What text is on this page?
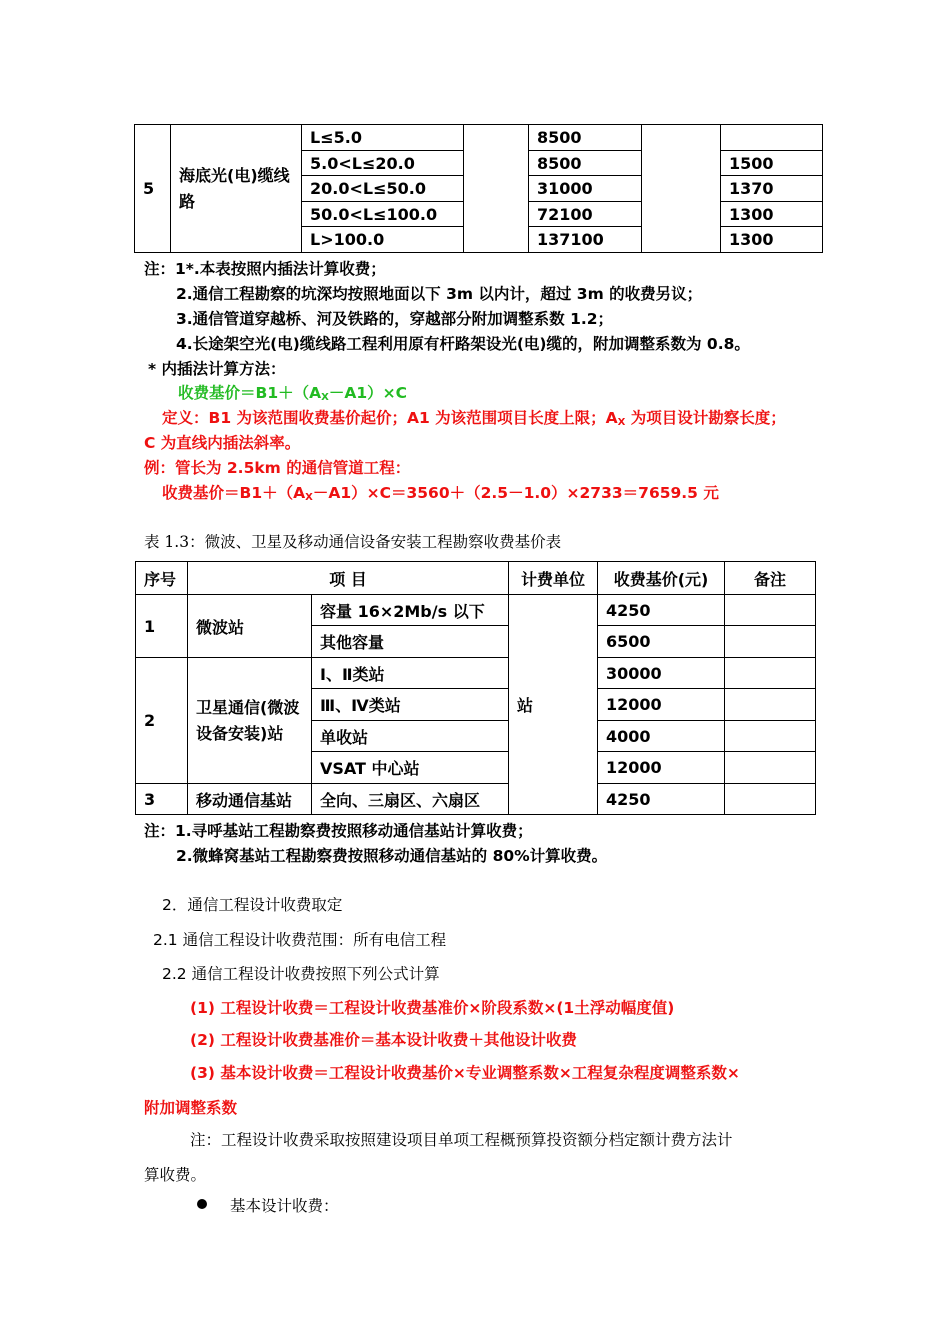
5	海底光(电)缆线路	L≤5.0		8500		
		5.0<L≤20.0		8500		1500
		20.0<L≤50.0		31000		1370
		50.0<L≤100.0		72100		1300
		L>100.0		137100		1300
注：1*.本表按照内插法计算收费；
2.通信工程勘察的坑深均按照地面以下 3m 以内计，超过 3m 的收费另议；
3.通信管道穿越桥、河及铁路的，穿越部分附加调整系数 1.2；
4.长途架空光(电)缆线路工程利用原有杆路架设光(电)缆的，附加调整系数为 0.8。
* 内插法计算方法：
收费基价$=B1+(A_X-A1)\times C$
定义：B1 为该范围收费基价起价；A1 为该范围项目长度上限；$A_X$ 为项目设计勘察长度；
C 为直线内插法斜率。
例：管长为 2.5km 的通信管道工程：
收费基价$=B1+(A_X-A1)\times C=3560+(2.5-1.0)\times 2733=7659.5$ 元
表 1.3：微波、卫星及移动通信设备安装工程勘察收费基价表
序号	项 目		计费单位	收费基价(元)	备注
1	微波站	容量 16×2Mb/s 以下	站	4250	
		其他容量		6500	
2	卫星通信(微波设备安装)站	Ⅰ、Ⅱ类站		30000	
		Ⅲ、Ⅳ类站		12000	
		单收站		4000	
		VSAT 中心站		12000	
3	移动通信基站	全向、三扇区、六扇区		4250	
注：1.寻呼基站工程勘察费按照移动通信基站计算收费；
2.微蜂窝基站工程勘察费按照移动通信基站的 80%计算收费。
2．通信工程设计收费取定
2.1 通信工程设计收费范围：所有电信工程
2.2 通信工程设计收费按照下列公式计算
(1) 工程设计收费＝工程设计收费基准价×阶段系数×(1土浮动幅度值)
(2) 工程设计收费基准价＝基本设计收费＋其他设计收费
(3) 基本设计收费＝工程设计收费基价×专业调整系数×工程复杂程度调整系数×
附加调整系数
注：工程设计收费采取按照建设项目单项工程概预算投资额分档定额计费方法计
算收费。
基本设计收费：
